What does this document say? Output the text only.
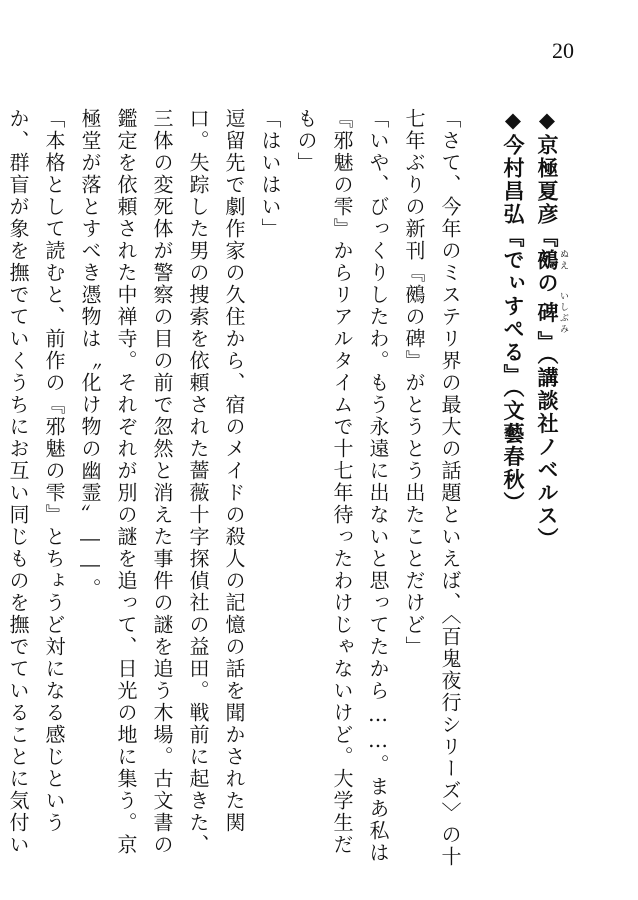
20
◆京極夏彦『鵺 ぬえの碑 いしぶみ』（講談社ノベルス）
◆今村昌弘『でぃすぺる』（文藝春秋）

「さて、今年のミステリ界の最大の話題といえば、〈百鬼夜行シリーズ〉の十七年ぶりの新刊『鵺の碑』がとうとう出たことだけど」

「いや、びっくりしたわ。もう永遠に出ないと思ってたから……。まあ私は『邪魅の雫』からリアルタイムで十七年待ったわけじゃないけど。大学生だもの」

「はいはい」

逗留先で劇作家の久住から、宿のメイドの殺人の記憶の話を聞かされた関口。失踪した男の捜索を依頼された薔薇十字探偵社の益田。戦前に起きた、三体の変死体が警察の目の前で忽然と消えた事件の謎を追う木場。古文書の鑑定を依頼された中禅寺。それぞれが別の謎を追って、日光の地に集う。京極堂が落とすべき憑物は〝化け物の幽霊〟――。

「本格として読むと、前作の『邪魅の雫』とちょうど対になる感じというか、群盲が象を撫でていくうちにお互い同じものを撫でていることに気付い
